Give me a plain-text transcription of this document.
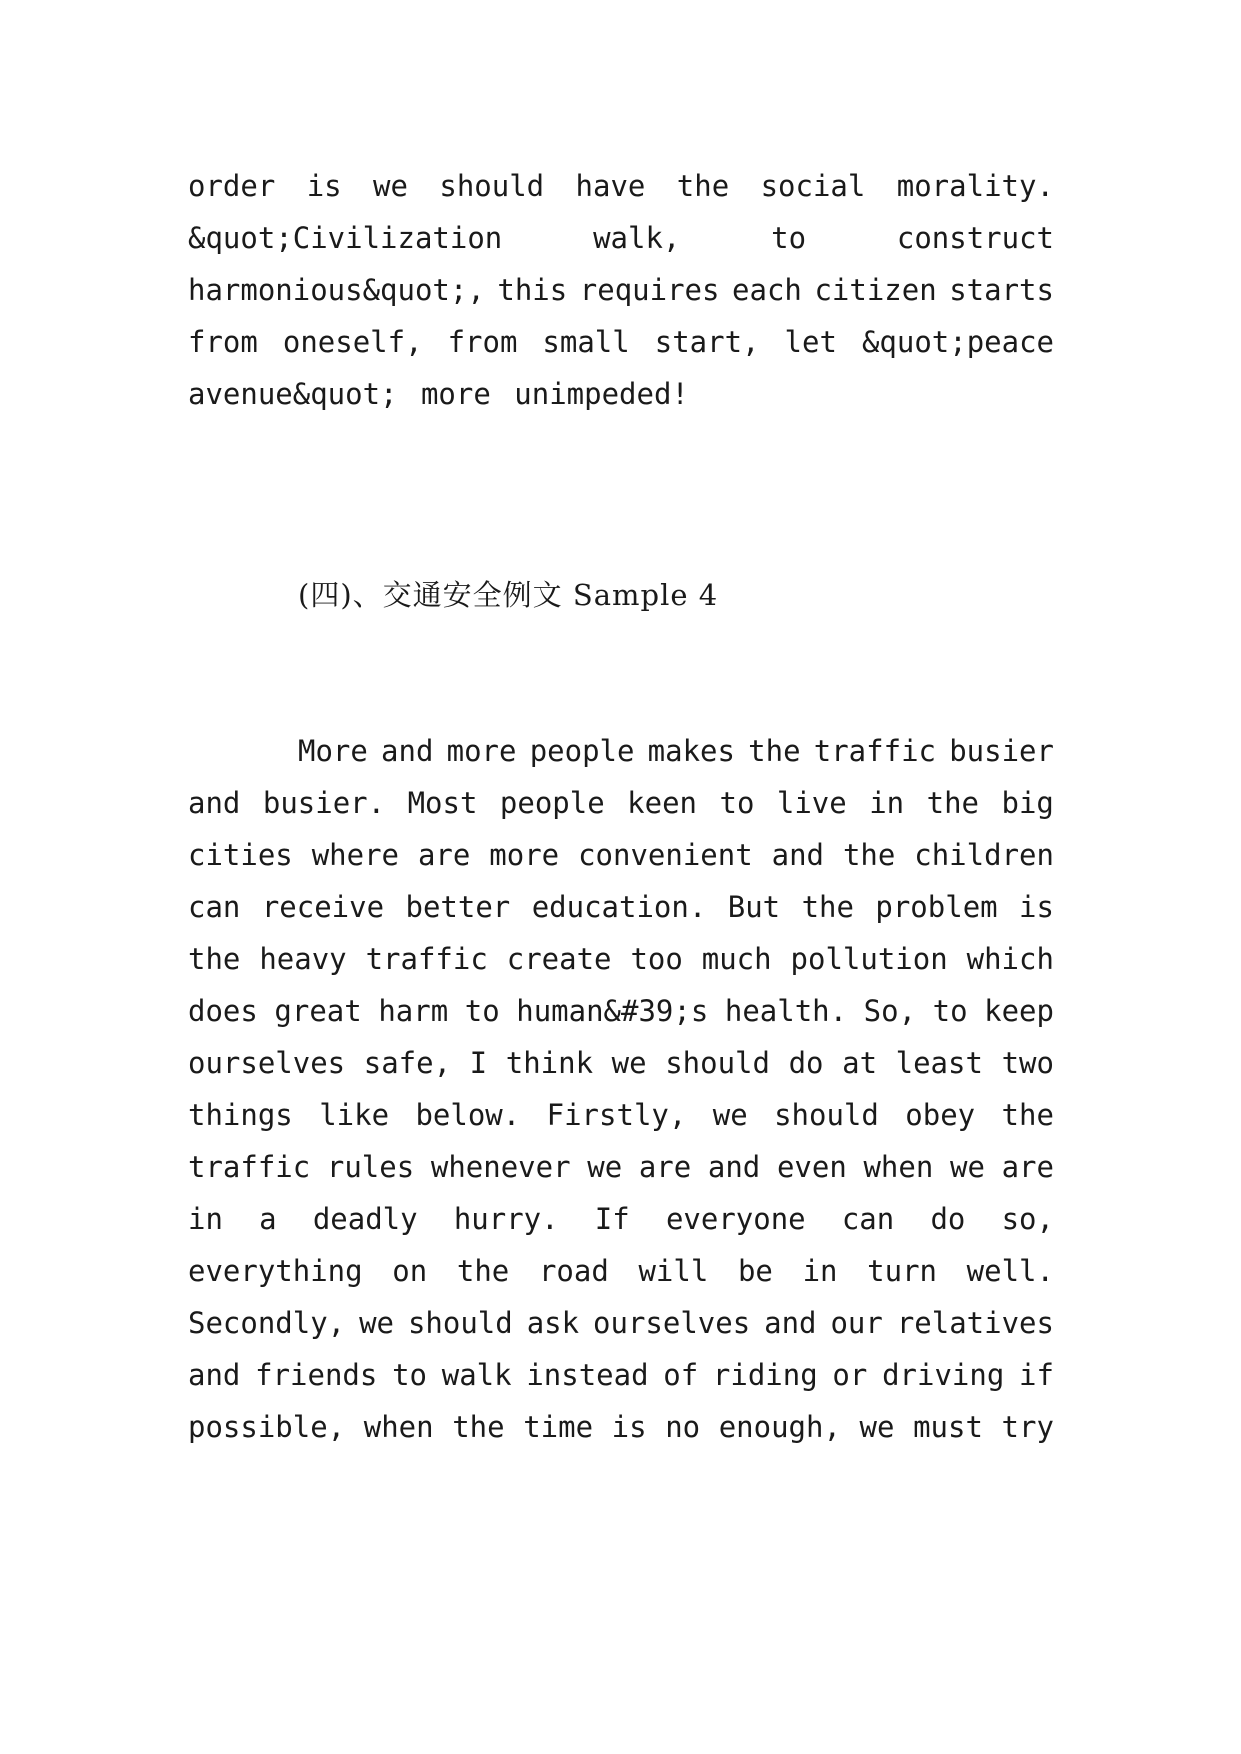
order is we should have the social morality.
&quot;Civilization	walk,	to	construct
harmonious&quot;, this requires each citizen starts
from oneself, from small start, let &quot;peace
avenue&quot; more unimpeded!
(四)、交通安全例文 Sample 4
More and more people makes the traffic busier
and busier. Most people keen to live in the big
cities where are more convenient and the children
can receive better education. But the problem is
the heavy traffic create too much pollution which
does great harm to human&#39;s health. So, to keep
ourselves safe, I think we should do at least two
things like below. Firstly, we should obey the
traffic rules whenever we are and even when we are
in a deadly hurry. If everyone can do so,
everything on the road will be in turn well.
Secondly, we should ask ourselves and our relatives
and friends to walk instead of riding or driving if
possible, when the time is no enough, we must try
